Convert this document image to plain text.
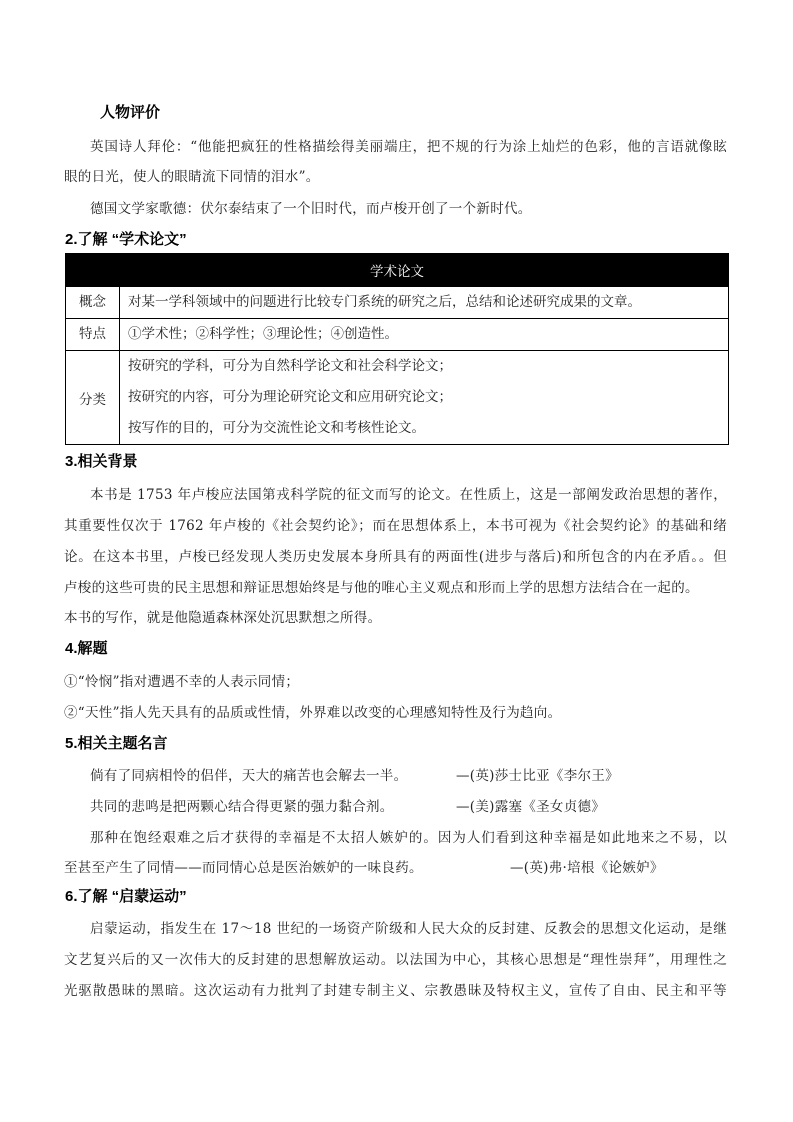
人物评价
英国诗人拜伦：“他能把疯狂的性格描绘得美丽端庄，把不规的行为涂上灿烂的色彩，他的言语就像眩
眼的日光，使人的眼睛流下同情的泪水”。
德国文学家歌德：伏尔泰结束了一个旧时代，而卢梭开创了一个新时代。
2.了解 “学术论文”
学术论文	
概念	对某一学科领域中的问题进行比较专门系统的研究之后，总结和论述研究成果的文章。
特点	①学术性；②科学性；③理论性；④创造性。
分类	按研究的学科，可分为自然科学论文和社会科学论文；
按研究的内容，可分为理论研究论文和应用研究论文；
按写作的目的，可分为交流性论文和考核性论文。
3.相关背景
本书是 1753 年卢梭应法国第戎科学院的征文而写的论文。在性质上，这是一部阐发政治思想的著作，
其重要性仅次于 1762 年卢梭的《社会契约论》；而在思想体系上，本书可视为《社会契约论》的基础和绪
论。在这本书里，卢梭已经发现人类历史发展本身所具有的两面性(进步与落后)和所包含的内在矛盾。。但
卢梭的这些可贵的民主思想和辩证思想始终是与他的唯心主义观点和形而上学的思想方法结合在一起的。
本书的写作，就是他隐遁森林深处沉思默想之所得。
4.解题
①“怜悯”指对遭遇不幸的人表示同情；
②“天性”指人先天具有的品质或性情，外界难以改变的心理感知特性及行为趋向。
5.相关主题名言
倘有了同病相怜的侣伴，天大的痛苦也会解去一半。	—(英)莎士比亚《李尔王》
共同的悲鸣是把两颗心结合得更紧的强力黏合剂。	—(美)露塞《圣女贞德》
那种在饱经艰难之后才获得的幸福是不太招人嫉妒的。因为人们看到这种幸福是如此地来之不易，以
至甚至产生了同情——而同情心总是医治嫉妒的一味良药。	—(英)弗·培根《论嫉妒》
6.了解 “启蒙运动”
启蒙运动，指发生在 17～18 世纪的一场资产阶级和人民大众的反封建、反教会的思想文化运动，是继
文艺复兴后的又一次伟大的反封建的思想解放运动。以法国为中心，其核心思想是“理性崇拜”，用理性之
光驱散愚昧的黑暗。这次运动有力批判了封建专制主义、宗教愚昧及特权主义，宣传了自由、民主和平等
